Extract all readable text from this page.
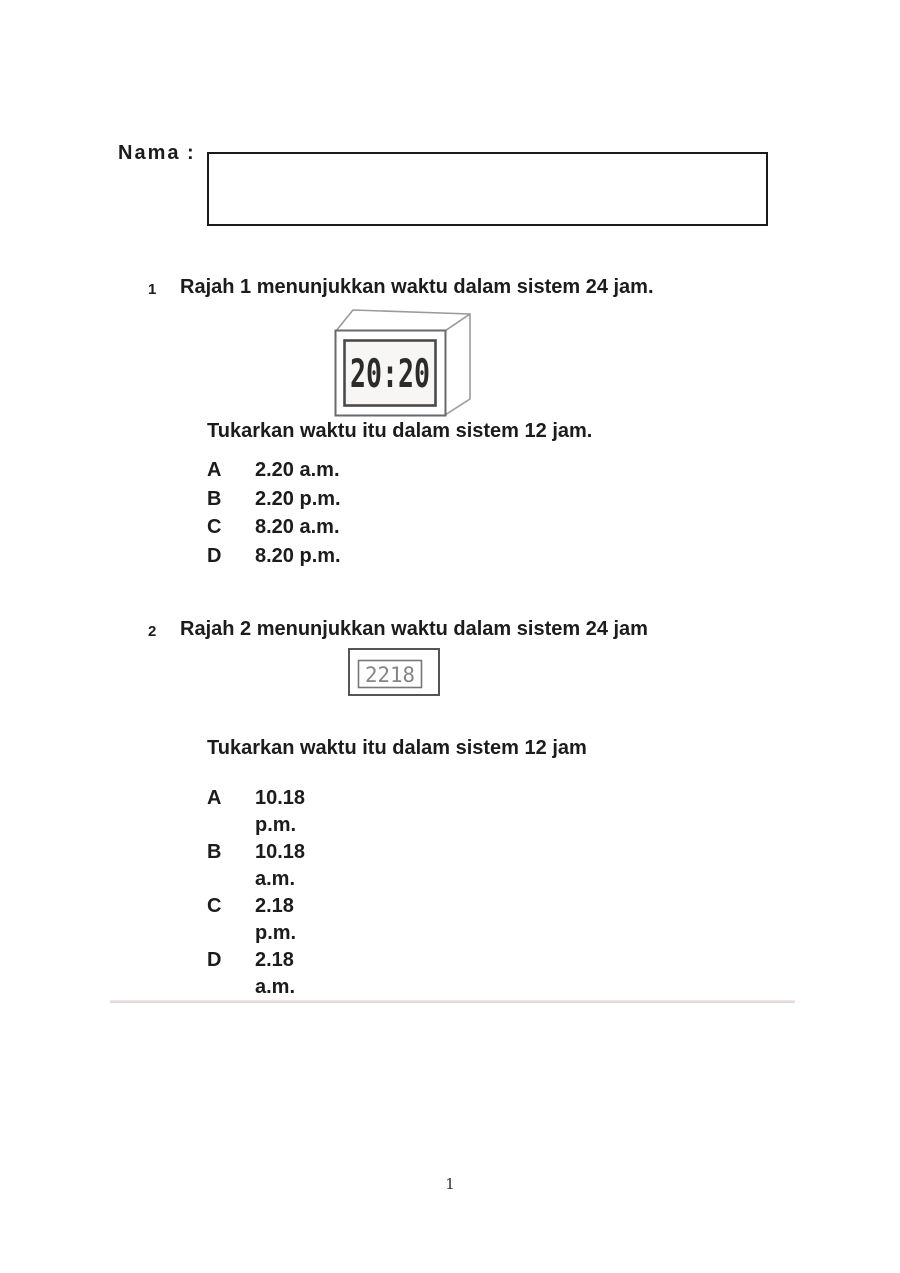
Nama :
1 Rajah 1 menunjukkan waktu dalam sistem 24 jam.
20:20
Tukarkan waktu itu dalam sistem 12 jam.
A	2.20 a.m.
B	2.20 p.m.
C	8.20 a.m.
D	8.20 p.m.
2 Rajah 2 menunjukkan waktu dalam sistem 24 jam
2218
Tukarkan waktu itu dalam sistem 12 jam
A	10.18
p.m.
B	10.18
a.m.
C	2.18
p.m.
D	2.18
a.m.
1
